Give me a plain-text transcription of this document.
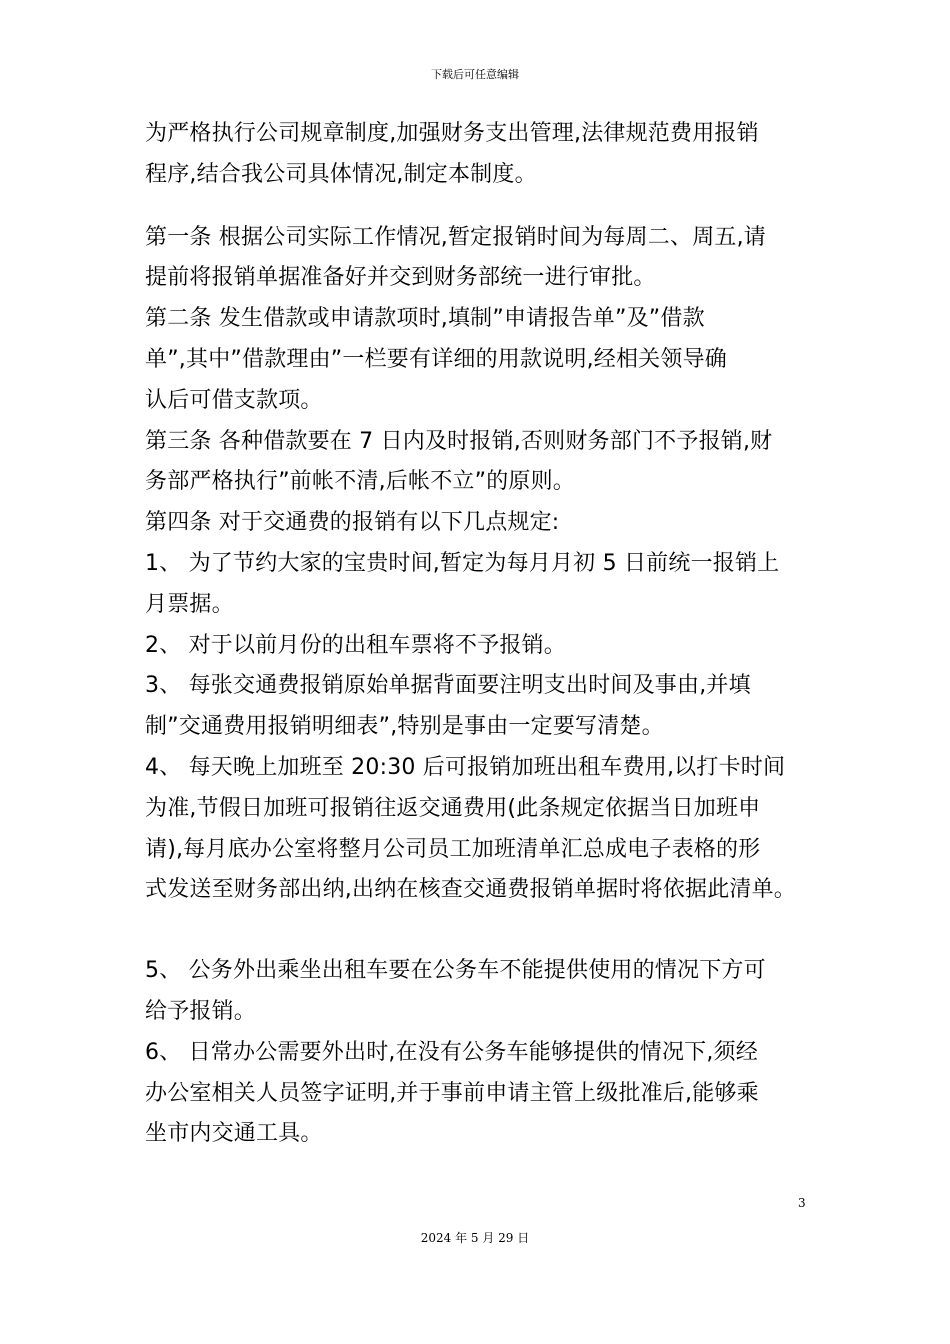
下载后可任意编辑
为严格执行公司规章制度,加强财务支出管理,法律规范费用报销
程序,结合我公司具体情况,制定本制度。
第一条 根据公司实际工作情况,暂定报销时间为每周二、周五,请
提前将报销单据准备好并交到财务部统一进行审批。
第二条 发生借款或申请款项时,填制”申请报告单”及”借款
单”,其中”借款理由”一栏要有详细的用款说明,经相关领导确
认后可借支款项。
第三条 各种借款要在 7 日内及时报销,否则财务部门不予报销,财
务部严格执行”前帐不清,后帐不立”的原则。
第四条 对于交通费的报销有以下几点规定:
1、 为了节约大家的宝贵时间,暂定为每月月初 5 日前统一报销上
月票据。
2、 对于以前月份的出租车票将不予报销。
3、 每张交通费报销原始单据背面要注明支出时间及事由,并填
制”交通费用报销明细表”,特别是事由一定要写清楚。
4、 每天晚上加班至 20:30 后可报销加班出租车费用,以打卡时间
为准,节假日加班可报销往返交通费用(此条规定依据当日加班申
请),每月底办公室将整月公司员工加班清单汇总成电子表格的形
式发送至财务部出纳,出纳在核查交通费报销单据时将依据此清单。
5、 公务外出乘坐出租车要在公务车不能提供使用的情况下方可
给予报销。
6、 日常办公需要外出时,在没有公务车能够提供的情况下,须经
办公室相关人员签字证明,并于事前申请主管上级批准后,能够乘
坐市内交通工具。
3
2024 年 5 月 29 日
